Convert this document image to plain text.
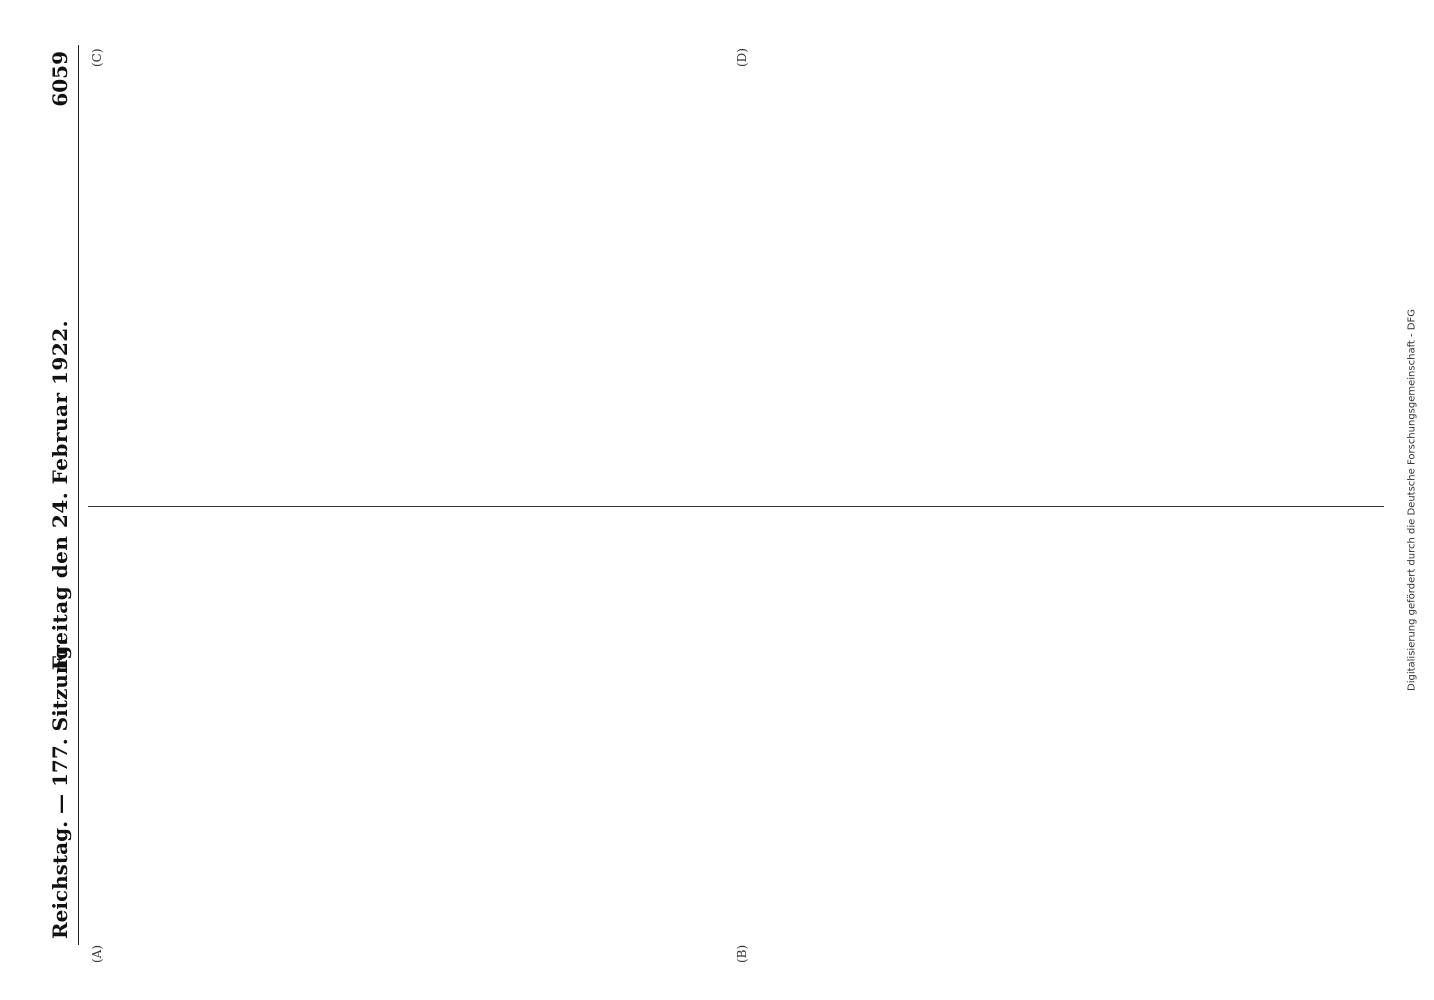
Reichstag. — 177. Sitzung.
Freitag den 24. Februar 1922.
6059
(A)	(B)
(C)	(D)
Digitalisierung gefördert durch die Deutsche Forschungsgemeinschaft - DFG
